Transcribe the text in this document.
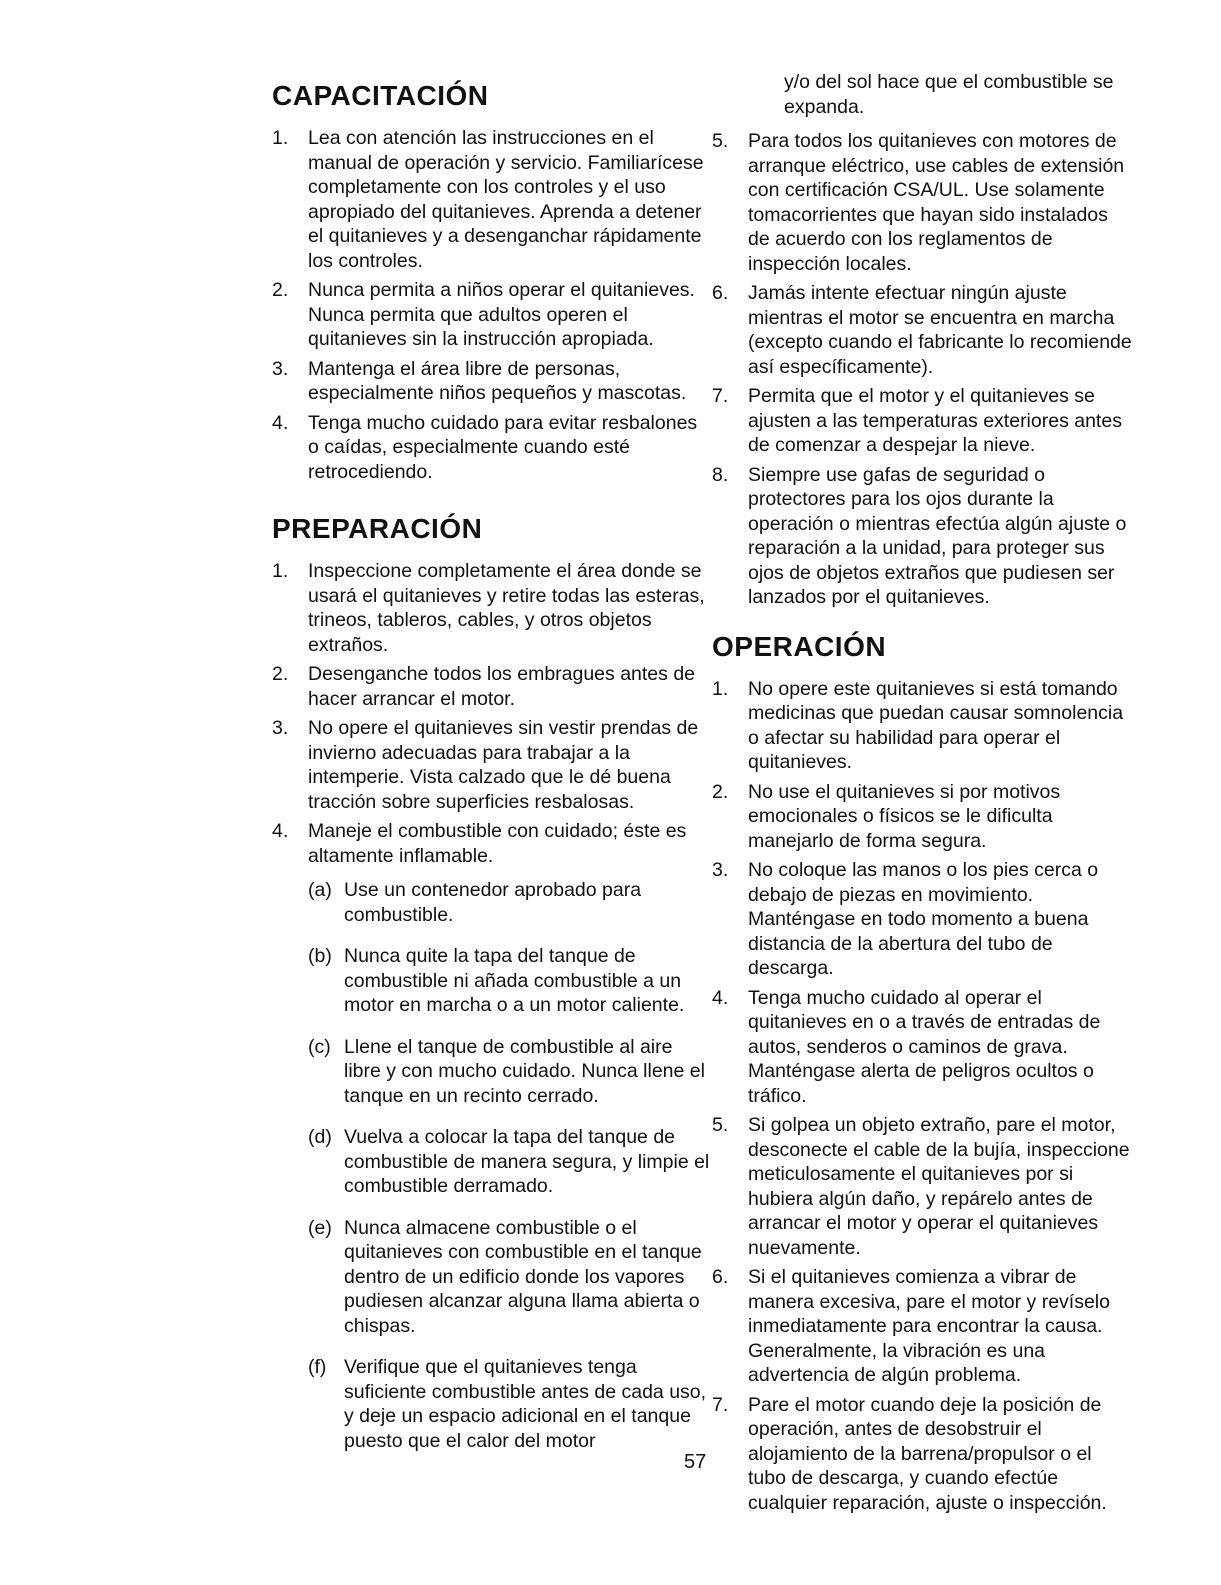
CAPACITACIÓN
1. Lea con atención las instrucciones en el manual de operación y servicio. Familiarícese completamente con los controles y el uso apropiado del quitanieves. Aprenda a detener el quitanieves y a desenganchar rápidamente los controles.
2. Nunca permita a niños operar el quitanieves. Nunca permita que adultos operen el quitanieves sin la instrucción apropiada.
3. Mantenga el área libre de personas, especialmente niños pequeños y mascotas.
4. Tenga mucho cuidado para evitar resbalones o caídas, especialmente cuando esté retrocediendo.
PREPARACIÓN
1. Inspeccione completamente el área donde se usará el quitanieves y retire todas las esteras, trineos, tableros, cables, y otros objetos extraños.
2. Desenganche todos los embragues antes de hacer arrancar el motor.
3. No opere el quitanieves sin vestir prendas de invierno adecuadas para trabajar a la intemperie. Vista calzado que le dé buena tracción sobre superficies resbalosas.
4. Maneje el combustible con cuidado; éste es altamente inflamable.
(a) Use un contenedor aprobado para combustible.
(b) Nunca quite la tapa del tanque de combustible ni añada combustible a un motor en marcha o a un motor caliente.
(c) Llene el tanque de combustible al aire libre y con mucho cuidado. Nunca llene el tanque en un recinto cerrado.
(d) Vuelva a colocar la tapa del tanque de combustible de manera segura, y limpie el combustible derramado.
(e) Nunca almacene combustible o el quitanieves con combustible en el tanque dentro de un edificio donde los vapores pudiesen alcanzar alguna llama abierta o chispas.
(f) Verifique que el quitanieves tenga suficiente combustible antes de cada uso, y deje un espacio adicional en el tanque puesto que el calor del motor
y/o del sol hace que el combustible se expanda.
5. Para todos los quitanieves con motores de arranque eléctrico, use cables de extensión con certificación CSA/UL. Use solamente tomacorrientes que hayan sido instalados de acuerdo con los reglamentos de inspección locales.
6. Jamás intente efectuar ningún ajuste mientras el motor se encuentra en marcha (excepto cuando el fabricante lo recomiende así específicamente).
7. Permita que el motor y el quitanieves se ajusten a las temperaturas exteriores antes de comenzar a despejar la nieve.
8. Siempre use gafas de seguridad o protectores para los ojos durante la operación o mientras efectúa algún ajuste o reparación a la unidad, para proteger sus ojos de objetos extraños que pudiesen ser lanzados por el quitanieves.
OPERACIÓN
1. No opere este quitanieves si está tomando medicinas que puedan causar somnolencia o afectar su habilidad para operar el quitanieves.
2. No use el quitanieves si por motivos emocionales o físicos se le dificulta manejarlo de forma segura.
3. No coloque las manos o los pies cerca o debajo de piezas en movimiento. Manténgase en todo momento a buena distancia de la abertura del tubo de descarga.
4. Tenga mucho cuidado al operar el quitanieves en o a través de entradas de autos, senderos o caminos de grava. Manténgase alerta de peligros ocultos o tráfico.
5. Si golpea un objeto extraño, pare el motor, desconecte el cable de la bujía, inspeccione meticulosamente el quitanieves por si hubiera algún daño, y repárelo antes de arrancar el motor y operar el quitanieves nuevamente.
6. Si el quitanieves comienza a vibrar de manera excesiva, pare el motor y revíselo inmediatamente para encontrar la causa. Generalmente, la vibración es una advertencia de algún problema.
7. Pare el motor cuando deje la posición de operación, antes de desobstruir el alojamiento de la barrena/propulsor o el tubo de descarga, y cuando efectúe cualquier reparación, ajuste o inspección.
57
